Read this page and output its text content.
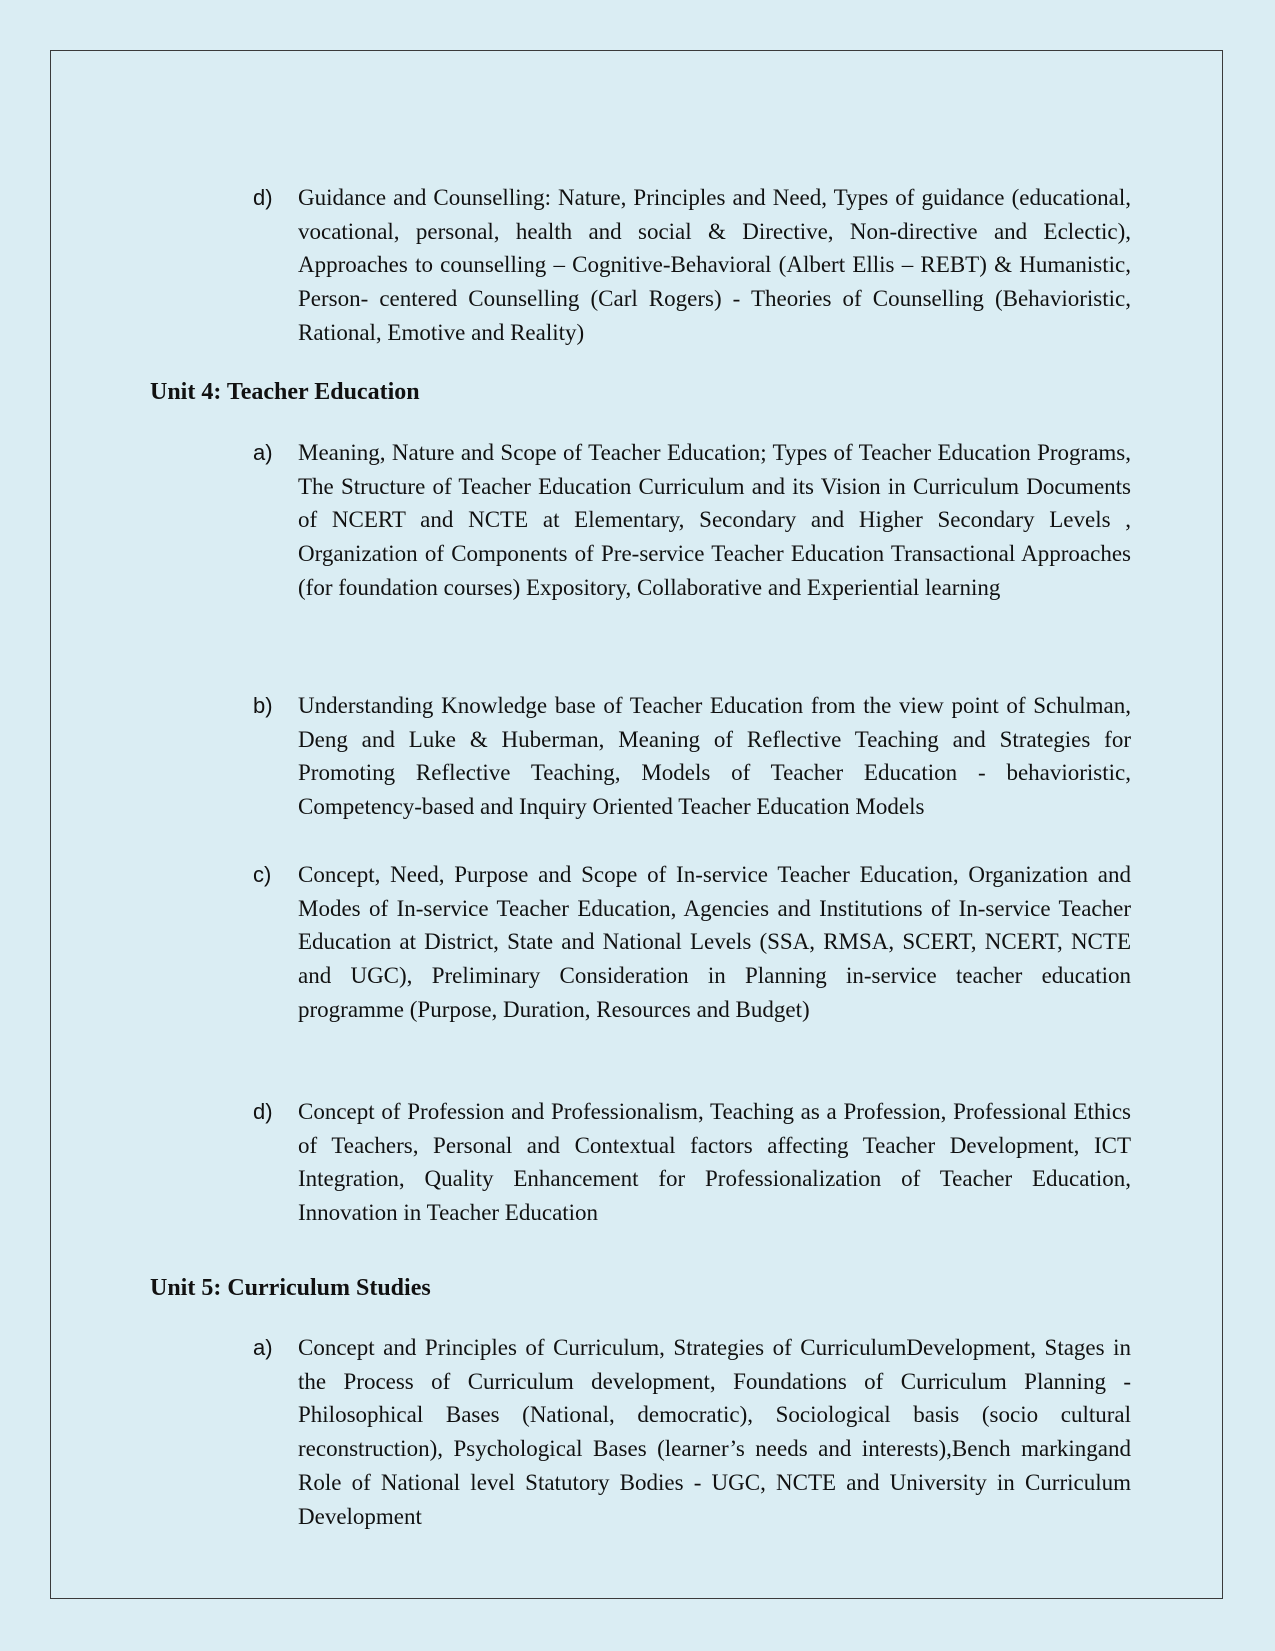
d) Guidance and Counselling: Nature, Principles and Need, Types of guidance (educational, vocational, personal, health and social & Directive, Non-directive and Eclectic), Approaches to counselling – Cognitive-Behavioral (Albert Ellis – REBT) & Humanistic, Person- centered Counselling (Carl Rogers) - Theories of Counselling (Behavioristic, Rational, Emotive and Reality)
Unit 4: Teacher Education
a) Meaning, Nature and Scope of Teacher Education; Types of Teacher Education Programs, The Structure of Teacher Education Curriculum and its Vision in Curriculum Documents of NCERT and NCTE at Elementary, Secondary and Higher Secondary Levels , Organization of Components of Pre-service Teacher Education Transactional Approaches (for foundation courses) Expository, Collaborative and Experiential learning
b) Understanding Knowledge base of Teacher Education from the view point of Schulman, Deng and Luke & Huberman, Meaning of Reflective Teaching and Strategies for Promoting Reflective Teaching, Models of Teacher Education - behavioristic, Competency-based and Inquiry Oriented Teacher Education Models
c) Concept, Need, Purpose and Scope of In-service Teacher Education, Organization and Modes of In-service Teacher Education, Agencies and Institutions of In-service Teacher Education at District, State and National Levels (SSA, RMSA, SCERT, NCERT, NCTE and UGC), Preliminary Consideration in Planning in-service teacher education programme (Purpose, Duration, Resources and Budget)
d) Concept of Profession and Professionalism, Teaching as a Profession, Professional Ethics of Teachers, Personal and Contextual factors affecting Teacher Development, ICT Integration, Quality Enhancement for Professionalization of Teacher Education, Innovation in Teacher Education
Unit 5: Curriculum Studies
a) Concept and Principles of Curriculum, Strategies of CurriculumDevelopment, Stages in the Process of Curriculum development, Foundations of Curriculum Planning - Philosophical Bases (National, democratic), Sociological basis (socio cultural reconstruction), Psychological Bases (learner’s needs and interests),Bench markingand Role of National level Statutory Bodies - UGC, NCTE and University in Curriculum Development
